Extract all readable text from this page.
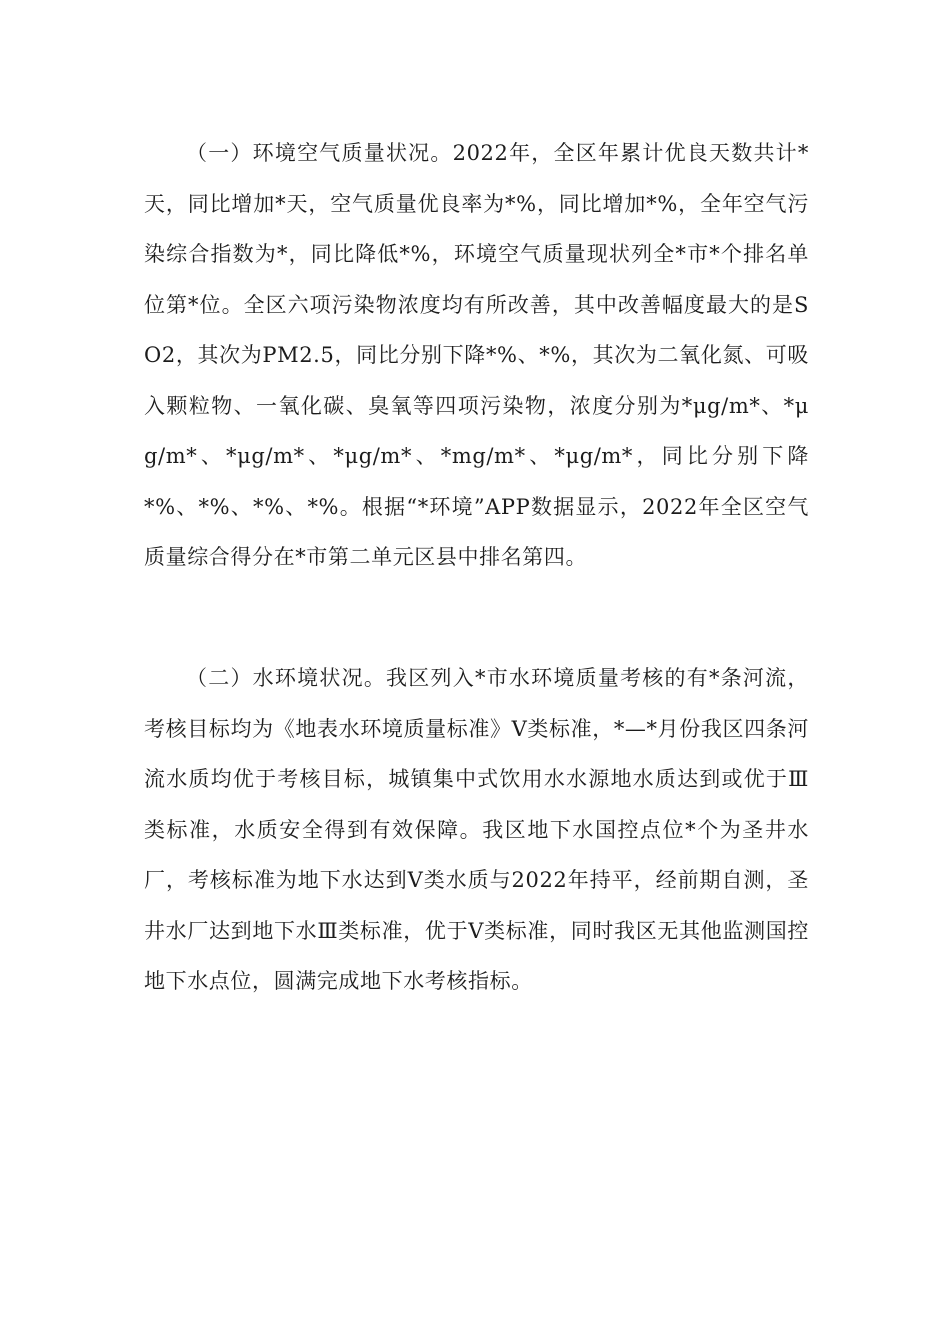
（一）环境空气质量状况。2022年，全区年累计优良天数共计*天，同比增加*天，空气质量优良率为*%，同比增加*%，全年空气污染综合指数为*，同比降低*%，环境空气质量现状列全*市*个排名单位第*位。全区六项污染物浓度均有所改善，其中改善幅度最大的是SO2，其次为PM2.5，同比分别下降*%、*%，其次为二氧化氮、可吸入颗粒物、一氧化碳、臭氧等四项污染物，浓度分别为*μg/m*、*μg/m*、*μg/m*、*μg/m*、*mg/m*、*μg/m*，同比分别下降*%、*%、*%、*%。根据“*环境”APP数据显示，2022年全区空气质量综合得分在*市第二单元区县中排名第四。

（二）水环境状况。我区列入*市水环境质量考核的有*条河流，考核目标均为《地表水环境质量标准》Ⅴ类标准，*—*月份我区四条河流水质均优于考核目标，城镇集中式饮用水水源地水质达到或优于Ⅲ类标准，水质安全得到有效保障。我区地下水国控点位*个为圣井水厂，考核标准为地下水达到Ⅴ类水质与2022年持平，经前期自测，圣井水厂达到地下水Ⅲ类标准，优于Ⅴ类标准，同时我区无其他监测国控地下水点位，圆满完成地下水考核指标。
